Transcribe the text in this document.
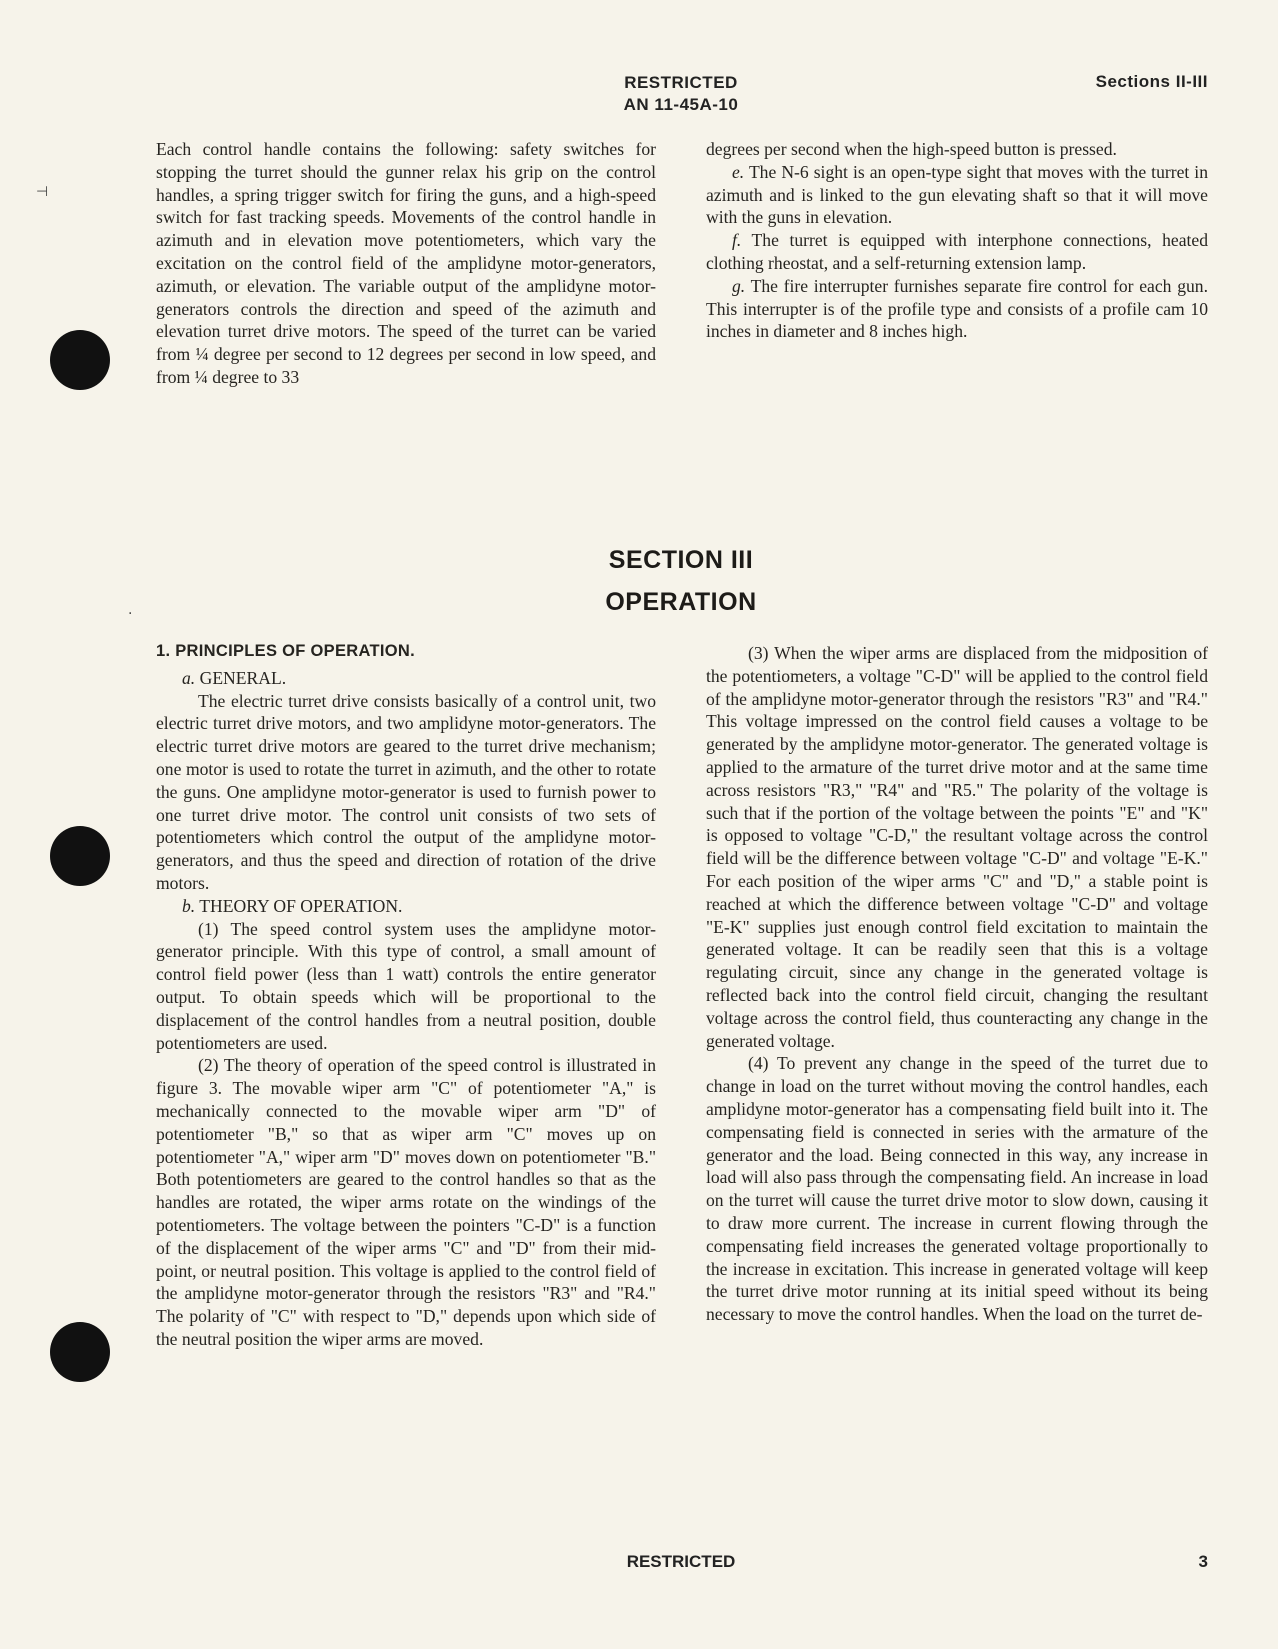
⊣
·
RESTRICTED
AN 11-45A-10
Sections II-III

Each control handle contains the following: safety switches for stopping the turret should the gunner relax his grip on the control handles, a spring trigger switch for firing the guns, and a high-speed switch for fast tracking speeds. Movements of the control handle in azimuth and in elevation move potentiometers, which vary the excitation on the control field of the amplidyne motor-generators, azimuth, or elevation. The variable output of the amplidyne motor-generators controls the direction and speed of the azimuth and elevation turret drive motors. The speed of the turret can be varied from ¼ degree per second to 12 degrees per second in low speed, and from ¼ degree to 33

degrees per second when the high-speed button is pressed.

e. The N-6 sight is an open-type sight that moves with the turret in azimuth and is linked to the gun elevating shaft so that it will move with the guns in elevation.

f. The turret is equipped with interphone connections, heated clothing rheostat, and a self-returning extension lamp.

g. The fire interrupter furnishes separate fire control for each gun. This interrupter is of the profile type and consists of a profile cam 10 inches in diameter and 8 inches high.

SECTION III
OPERATION

1. PRINCIPLES OF OPERATION.

a. GENERAL.

The electric turret drive consists basically of a control unit, two electric turret drive motors, and two amplidyne motor-generators. The electric turret drive motors are geared to the turret drive mechanism; one motor is used to rotate the turret in azimuth, and the other to rotate the guns. One amplidyne motor-generator is used to furnish power to one turret drive motor. The control unit consists of two sets of potentiometers which control the output of the amplidyne motor-generators, and thus the speed and direction of rotation of the drive motors.

b. THEORY OF OPERATION.

(1) The speed control system uses the amplidyne motor-generator principle. With this type of control, a small amount of control field power (less than 1 watt) controls the entire generator output. To obtain speeds which will be proportional to the displacement of the control handles from a neutral position, double potentiometers are used.

(2) The theory of operation of the speed control is illustrated in figure 3. The movable wiper arm "C" of potentiometer "A," is mechanically connected to the movable wiper arm "D" of potentiometer "B," so that as wiper arm "C" moves up on potentiometer "A," wiper arm "D" moves down on potentiometer "B." Both potentiometers are geared to the control handles so that as the handles are rotated, the wiper arms rotate on the windings of the potentiometers. The voltage between the pointers "C-D" is a function of the displacement of the wiper arms "C" and "D" from their mid-point, or neutral position. This voltage is applied to the control field of the amplidyne motor-generator through the resistors "R3" and "R4." The polarity of "C" with respect to "D," depends upon which side of the neutral position the wiper arms are moved.

(3) When the wiper arms are displaced from the midposition of the potentiometers, a voltage "C-D" will be applied to the control field of the amplidyne motor-generator through the resistors "R3" and "R4." This voltage impressed on the control field causes a voltage to be generated by the amplidyne motor-generator. The generated voltage is applied to the armature of the turret drive motor and at the same time across resistors "R3," "R4" and "R5." The polarity of the voltage is such that if the portion of the voltage between the points "E" and "K" is opposed to voltage "C-D," the resultant voltage across the control field will be the difference between voltage "C-D" and voltage "E-K." For each position of the wiper arms "C" and "D," a stable point is reached at which the difference between voltage "C-D" and voltage "E-K" supplies just enough control field excitation to maintain the generated voltage. It can be readily seen that this is a voltage regulating circuit, since any change in the generated voltage is reflected back into the control field circuit, changing the resultant voltage across the control field, thus counteracting any change in the generated voltage.

(4) To prevent any change in the speed of the turret due to change in load on the turret without moving the control handles, each amplidyne motor-generator has a compensating field built into it. The compensating field is connected in series with the armature of the generator and the load. Being connected in this way, any increase in load will also pass through the compensating field. An increase in load on the turret will cause the turret drive motor to slow down, causing it to draw more current. The increase in current flowing through the compensating field increases the generated voltage proportionally to the increase in excitation. This increase in generated voltage will keep the turret drive motor running at its initial speed without its being necessary to move the control handles. When the load on the turret de-

RESTRICTED	3
